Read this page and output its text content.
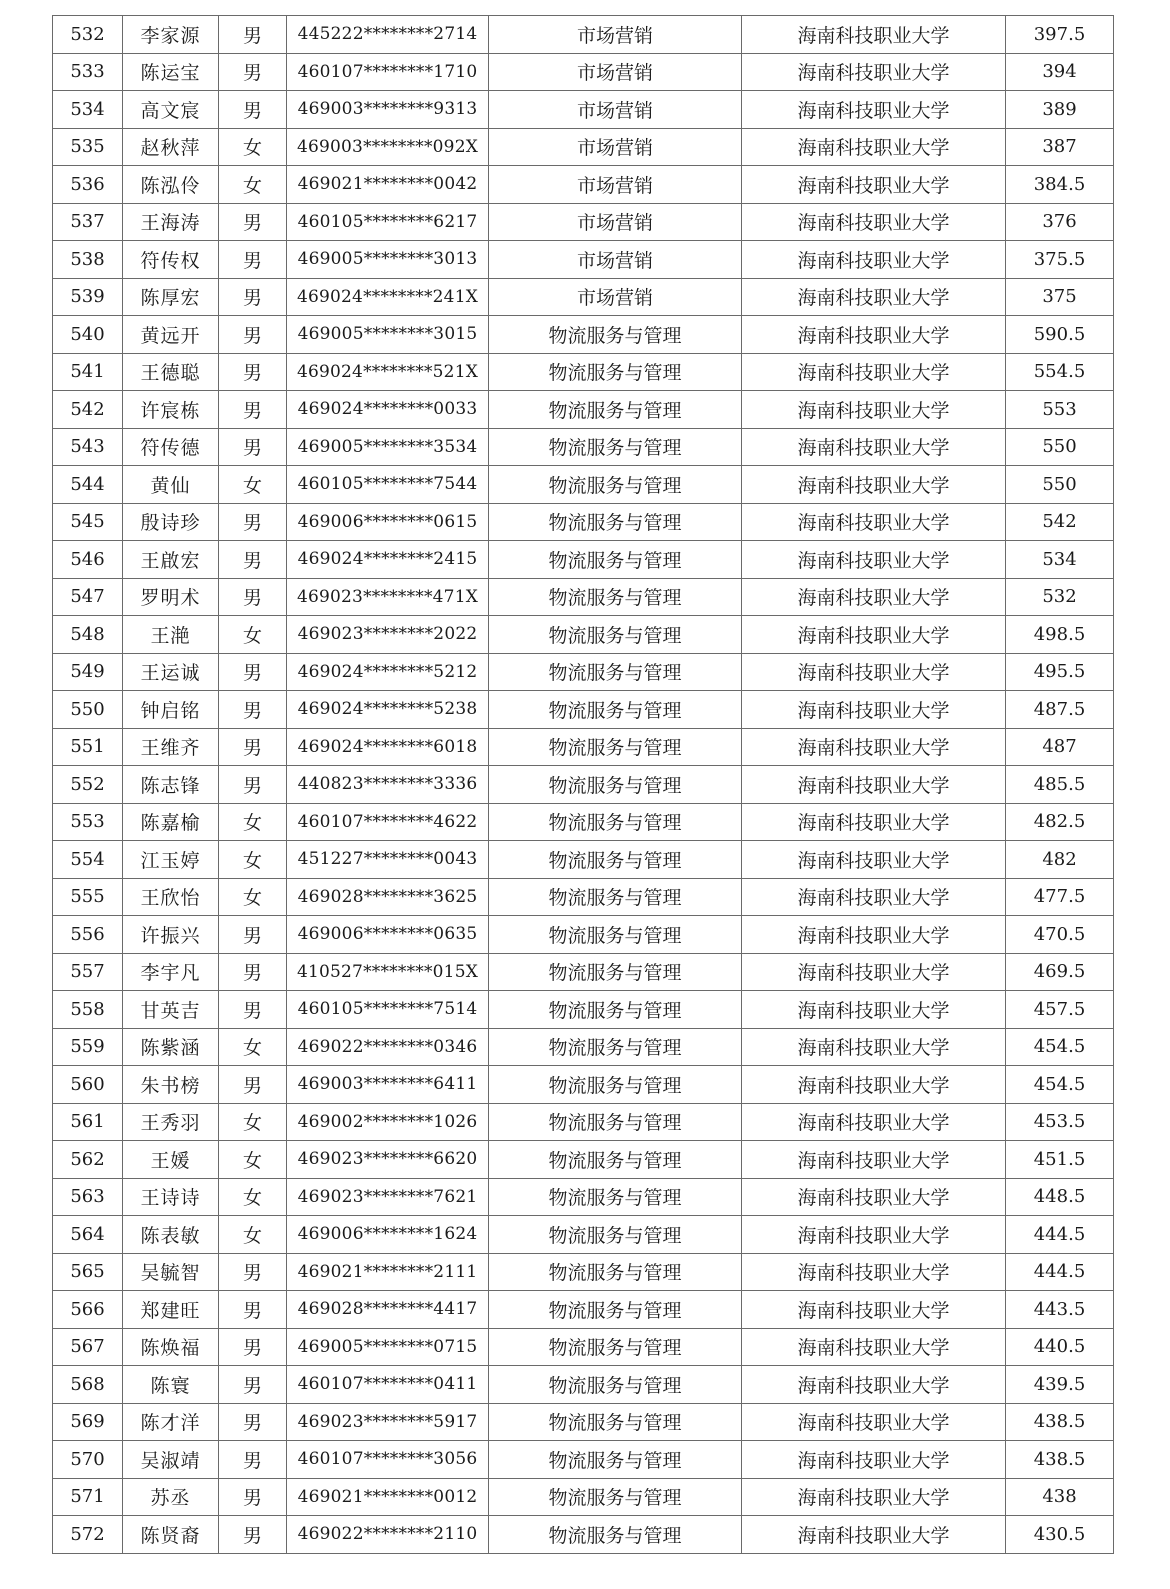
532	李家源	男	445222********2714	市场营销	海南科技职业大学	397.5
533	陈运宝	男	460107********1710	市场营销	海南科技职业大学	394
534	高文宸	男	469003********9313	市场营销	海南科技职业大学	389
535	赵秋萍	女	469003********092X	市场营销	海南科技职业大学	387
536	陈泓伶	女	469021********0042	市场营销	海南科技职业大学	384.5
537	王海涛	男	460105********6217	市场营销	海南科技职业大学	376
538	符传权	男	469005********3013	市场营销	海南科技职业大学	375.5
539	陈厚宏	男	469024********241X	市场营销	海南科技职业大学	375
540	黄远开	男	469005********3015	物流服务与管理	海南科技职业大学	590.5
541	王德聪	男	469024********521X	物流服务与管理	海南科技职业大学	554.5
542	许宸栋	男	469024********0033	物流服务与管理	海南科技职业大学	553
543	符传德	男	469005********3534	物流服务与管理	海南科技职业大学	550
544	黄仙	女	460105********7544	物流服务与管理	海南科技职业大学	550
545	殷诗珍	男	469006********0615	物流服务与管理	海南科技职业大学	542
546	王啟宏	男	469024********2415	物流服务与管理	海南科技职业大学	534
547	罗明术	男	469023********471X	物流服务与管理	海南科技职业大学	532
548	王滟	女	469023********2022	物流服务与管理	海南科技职业大学	498.5
549	王运诚	男	469024********5212	物流服务与管理	海南科技职业大学	495.5
550	钟启铭	男	469024********5238	物流服务与管理	海南科技职业大学	487.5
551	王维齐	男	469024********6018	物流服务与管理	海南科技职业大学	487
552	陈志锋	男	440823********3336	物流服务与管理	海南科技职业大学	485.5
553	陈嘉榆	女	460107********4622	物流服务与管理	海南科技职业大学	482.5
554	江玉婷	女	451227********0043	物流服务与管理	海南科技职业大学	482
555	王欣怡	女	469028********3625	物流服务与管理	海南科技职业大学	477.5
556	许振兴	男	469006********0635	物流服务与管理	海南科技职业大学	470.5
557	李宇凡	男	410527********015X	物流服务与管理	海南科技职业大学	469.5
558	甘英吉	男	460105********7514	物流服务与管理	海南科技职业大学	457.5
559	陈紫涵	女	469022********0346	物流服务与管理	海南科技职业大学	454.5
560	朱书榜	男	469003********6411	物流服务与管理	海南科技职业大学	454.5
561	王秀羽	女	469002********1026	物流服务与管理	海南科技职业大学	453.5
562	王媛	女	469023********6620	物流服务与管理	海南科技职业大学	451.5
563	王诗诗	女	469023********7621	物流服务与管理	海南科技职业大学	448.5
564	陈表敏	女	469006********1624	物流服务与管理	海南科技职业大学	444.5
565	吴毓智	男	469021********2111	物流服务与管理	海南科技职业大学	444.5
566	郑建旺	男	469028********4417	物流服务与管理	海南科技职业大学	443.5
567	陈焕福	男	469005********0715	物流服务与管理	海南科技职业大学	440.5
568	陈寰	男	460107********0411	物流服务与管理	海南科技职业大学	439.5
569	陈才洋	男	469023********5917	物流服务与管理	海南科技职业大学	438.5
570	吴淑靖	男	460107********3056	物流服务与管理	海南科技职业大学	438.5
571	苏丞	男	469021********0012	物流服务与管理	海南科技职业大学	438
572	陈贤裔	男	469022********2110	物流服务与管理	海南科技职业大学	430.5
